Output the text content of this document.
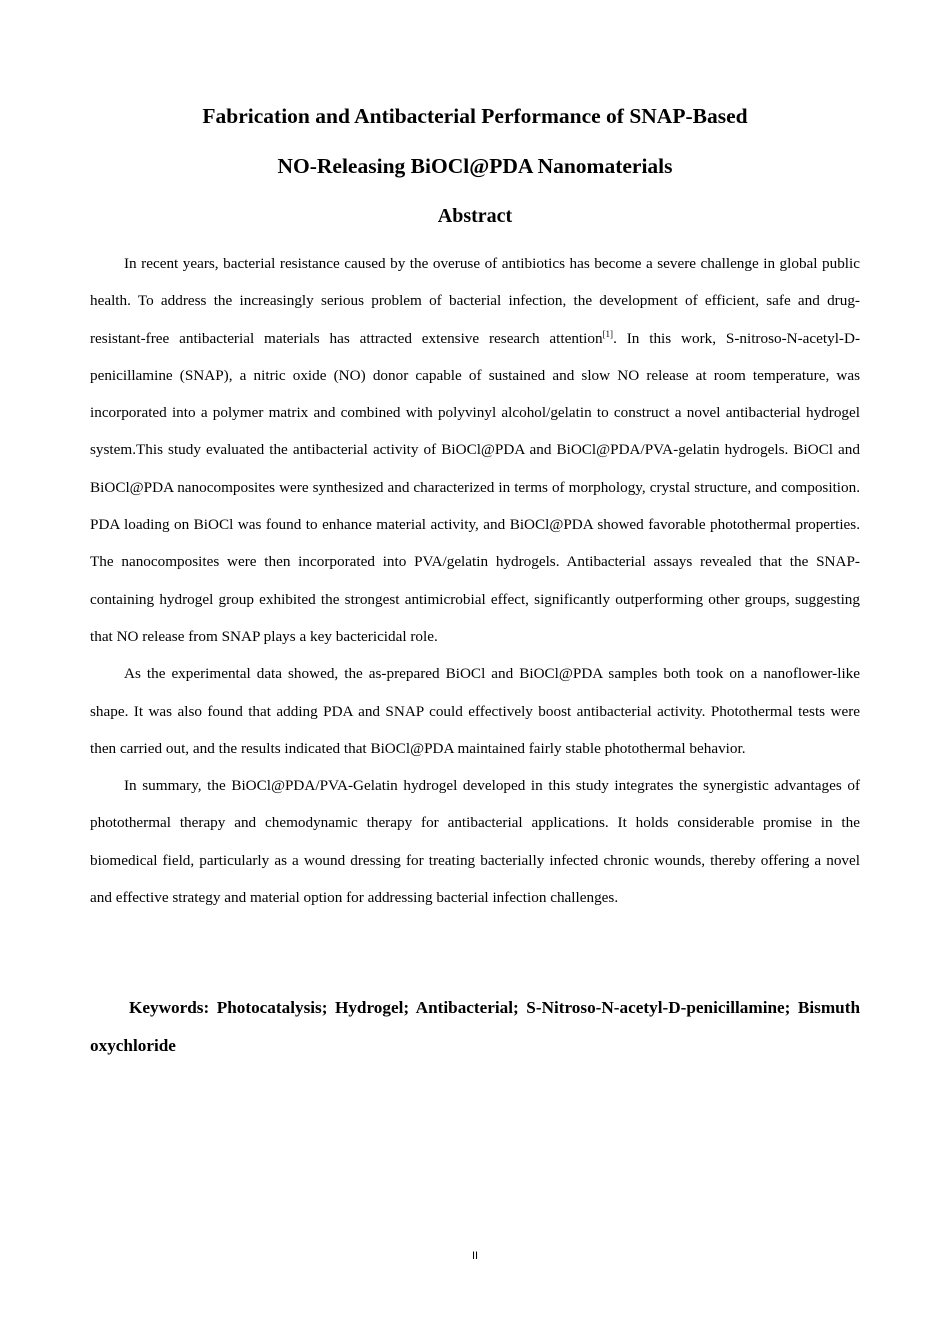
Fabrication and Antibacterial Performance of SNAP-Based
NO-Releasing BiOCl@PDA Nanomaterials
Abstract

In recent years, bacterial resistance caused by the overuse of antibiotics has become a severe challenge in global public health. To address the increasingly serious problem of bacterial infection, the development of efficient, safe and drug-resistant-free antibacterial materials has attracted extensive research attention[1]. In this work, S-nitroso-N-acetyl-D-penicillamine (SNAP), a nitric oxide (NO) donor capable of sustained and slow NO release at room temperature, was incorporated into a polymer matrix and combined with polyvinyl alcohol/gelatin to construct a novel antibacterial hydrogel system.This study evaluated the antibacterial activity of BiOCl@PDA and BiOCl@PDA/PVA-gelatin hydrogels. BiOCl and BiOCl@PDA nanocomposites were synthesized and characterized in terms of morphology, crystal structure, and composition. PDA loading on BiOCl was found to enhance material activity, and BiOCl@PDA showed favorable photothermal properties. The nanocomposites were then incorporated into PVA/gelatin hydrogels. Antibacterial assays revealed that the SNAP-containing hydrogel group exhibited the strongest antimicrobial effect, significantly outperforming other groups, suggesting that NO release from SNAP plays a key bactericidal role.

As the experimental data showed, the as-prepared BiOCl and BiOCl@PDA samples both took on a nanoflower-like shape. It was also found that adding PDA and SNAP could effectively boost antibacterial activity. Photothermal tests were then carried out, and the results indicated that BiOCl@PDA maintained fairly stable photothermal behavior.

In summary, the BiOCl@PDA/PVA-Gelatin hydrogel developed in this study integrates the synergistic advantages of photothermal therapy and chemodynamic therapy for antibacterial applications. It holds considerable promise in the biomedical field, particularly as a wound dressing for treating bacterially infected chronic wounds, thereby offering a novel and effective strategy and material option for addressing bacterial infection challenges.

Keywords: Photocatalysis; Hydrogel; Antibacterial; S-Nitroso-N-acetyl-D-penicillamine; Bismuth oxychloride

II
